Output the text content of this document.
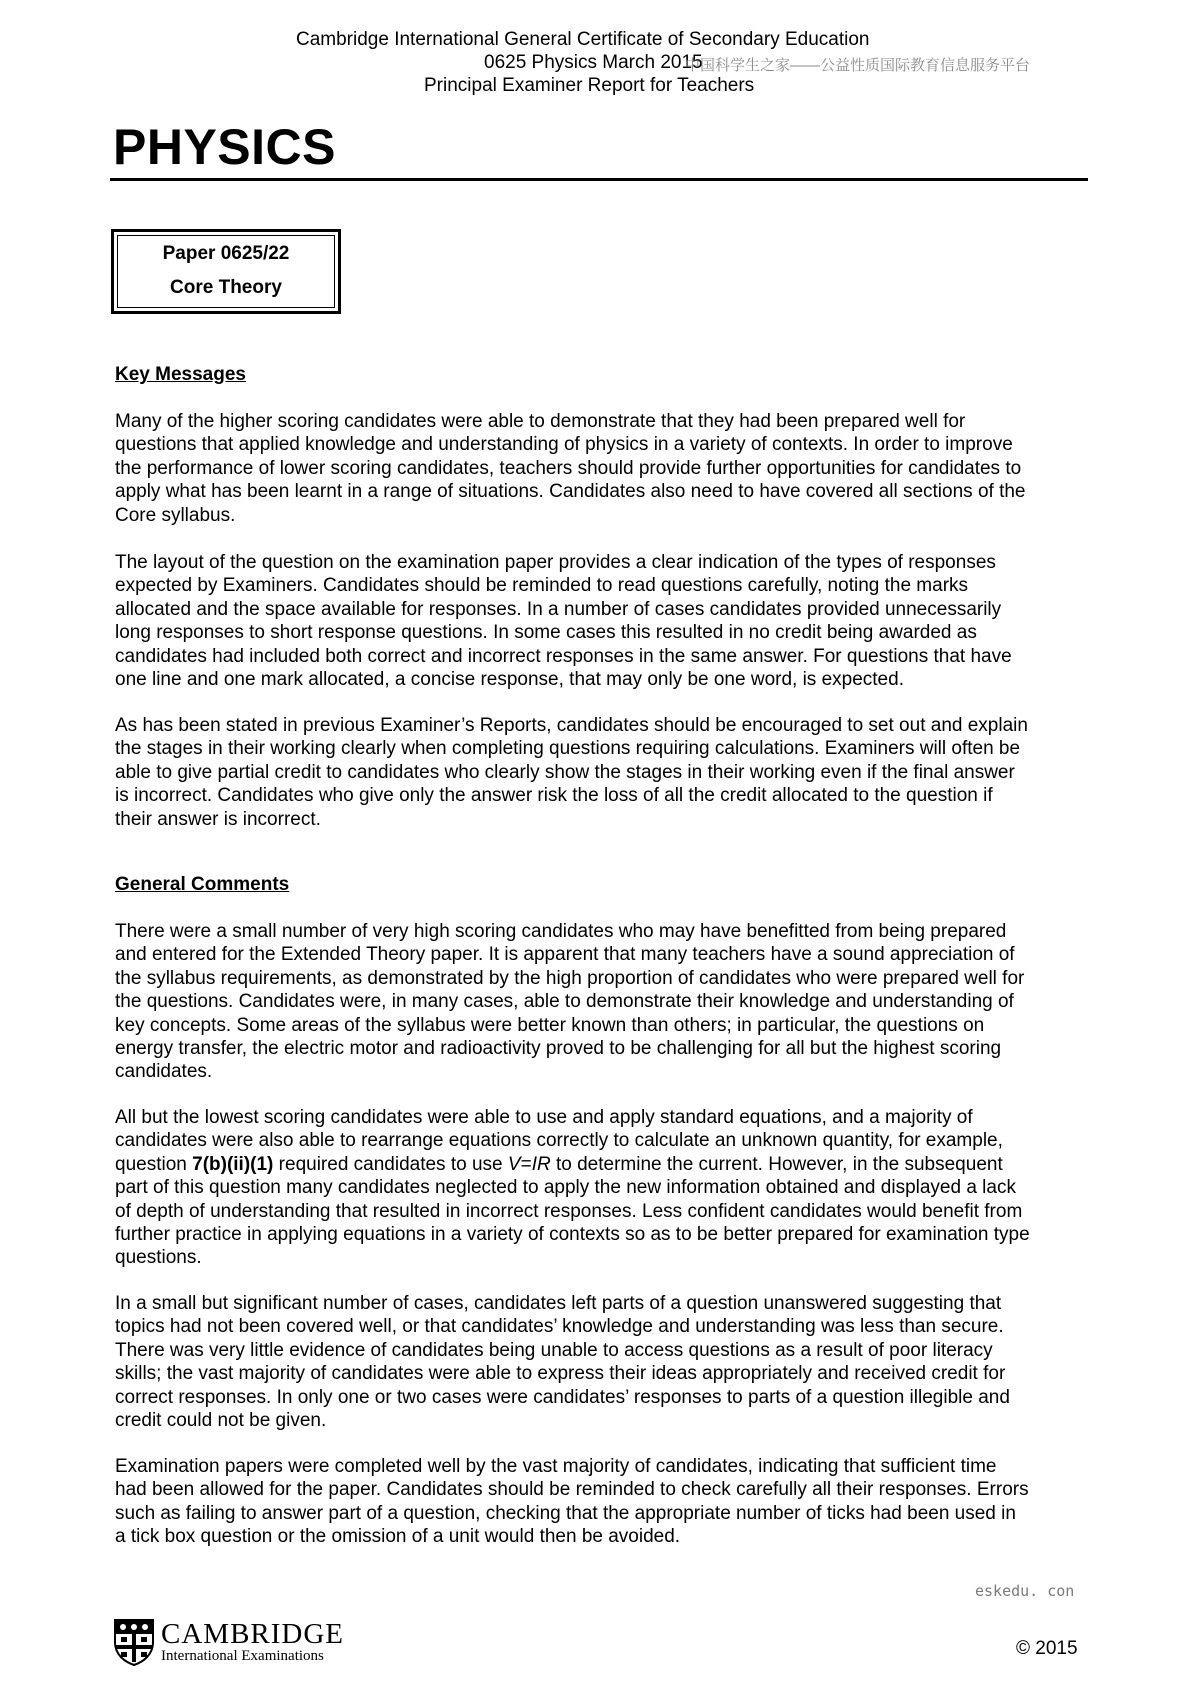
Cambridge International General Certificate of Secondary Education
0625 Physics March 2015
Principal Examiner Report for Teachers
中国科学生之家——公益性质国际教育信息服务平台
PHYSICS
Paper 0625/22
Core Theory
Key Messages
Many of the higher scoring candidates were able to demonstrate that they had been prepared well for
questions that applied knowledge and understanding of physics in a variety of contexts. In order to improve
the performance of lower scoring candidates, teachers should provide further opportunities for candidates to
apply what has been learnt in a range of situations. Candidates also need to have covered all sections of the
Core syllabus.
The layout of the question on the examination paper provides a clear indication of the types of responses
expected by Examiners. Candidates should be reminded to read questions carefully, noting the marks
allocated and the space available for responses. In a number of cases candidates provided unnecessarily
long responses to short response questions. In some cases this resulted in no credit being awarded as
candidates had included both correct and incorrect responses in the same answer. For questions that have
one line and one mark allocated, a concise response, that may only be one word, is expected.
As has been stated in previous Examiner’s Reports, candidates should be encouraged to set out and explain
the stages in their working clearly when completing questions requiring calculations. Examiners will often be
able to give partial credit to candidates who clearly show the stages in their working even if the final answer
is incorrect. Candidates who give only the answer risk the loss of all the credit allocated to the question if
their answer is incorrect.
General Comments
There were a small number of very high scoring candidates who may have benefitted from being prepared
and entered for the Extended Theory paper. It is apparent that many teachers have a sound appreciation of
the syllabus requirements, as demonstrated by the high proportion of candidates who were prepared well for
the questions. Candidates were, in many cases, able to demonstrate their knowledge and understanding of
key concepts. Some areas of the syllabus were better known than others; in particular, the questions on
energy transfer, the electric motor and radioactivity proved to be challenging for all but the highest scoring
candidates.
All but the lowest scoring candidates were able to use and apply standard equations, and a majority of
candidates were also able to rearrange equations correctly to calculate an unknown quantity, for example,
question 7(b)(ii)(1) required candidates to use V=IR to determine the current. However, in the subsequent
part of this question many candidates neglected to apply the new information obtained and displayed a lack
of depth of understanding that resulted in incorrect responses. Less confident candidates would benefit from
further practice in applying equations in a variety of contexts so as to be better prepared for examination type
questions.
In a small but significant number of cases, candidates left parts of a question unanswered suggesting that
topics had not been covered well, or that candidates’ knowledge and understanding was less than secure.
There was very little evidence of candidates being unable to access questions as a result of poor literacy
skills; the vast majority of candidates were able to express their ideas appropriately and received credit for
correct responses. In only one or two cases were candidates’ responses to parts of a question illegible and
credit could not be given.
Examination papers were completed well by the vast majority of candidates, indicating that sufficient time
had been allowed for the paper. Candidates should be reminded to check carefully all their responses. Errors
such as failing to answer part of a question, checking that the appropriate number of ticks had been used in
a tick box question or the omission of a unit would then be avoided.
eskedu. con
CAMBRIDGE
International Examinations	© 2015
